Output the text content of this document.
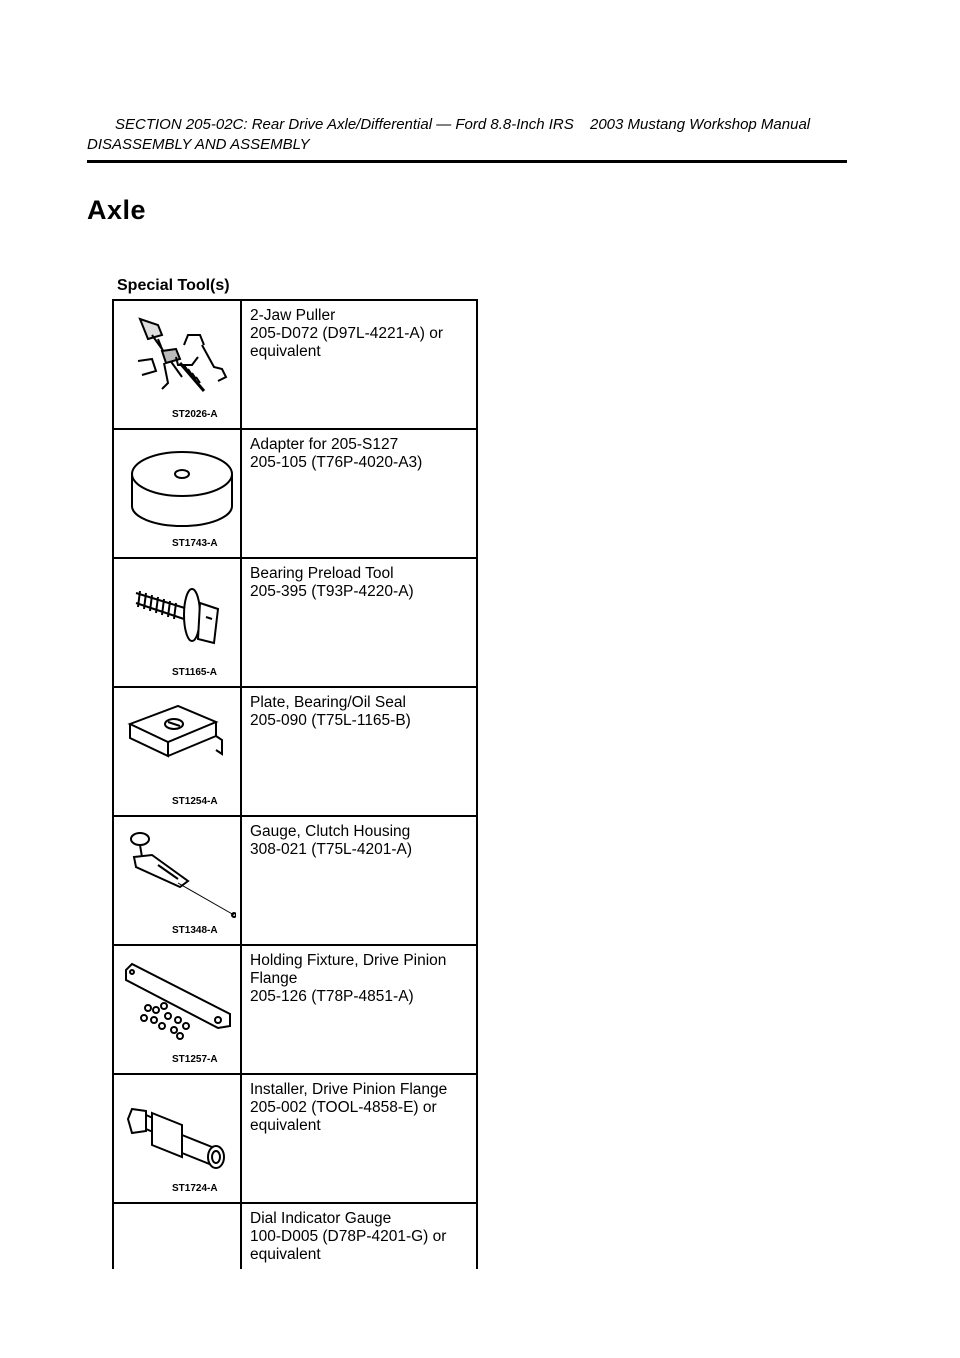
SECTION 205-02C: Rear Drive Axle/Differential — Ford 8.8-Inch IRS 2003 Mustang Workshop Manual
DISASSEMBLY AND ASSEMBLY
Axle
Special Tool(s)
ST2026-A
2-Jaw Puller
205-D072 (D97L-4221-A) or
equivalent
ST1743-A
Adapter for 205-S127
205-105 (T76P-4020-A3)
ST1165-A
Bearing Preload Tool
205-395 (T93P-4220-A)
ST1254-A
Plate, Bearing/Oil Seal
205-090 (T75L-1165-B)
ST1348-A
Gauge, Clutch Housing
308-021 (T75L-4201-A)
ST1257-A
Holding Fixture, Drive Pinion
Flange
205-126 (T78P-4851-A)
ST1724-A
Installer, Drive Pinion Flange
205-002 (TOOL-4858-E) or
equivalent
Dial Indicator Gauge
100-D005 (D78P-4201-G) or
equivalent
